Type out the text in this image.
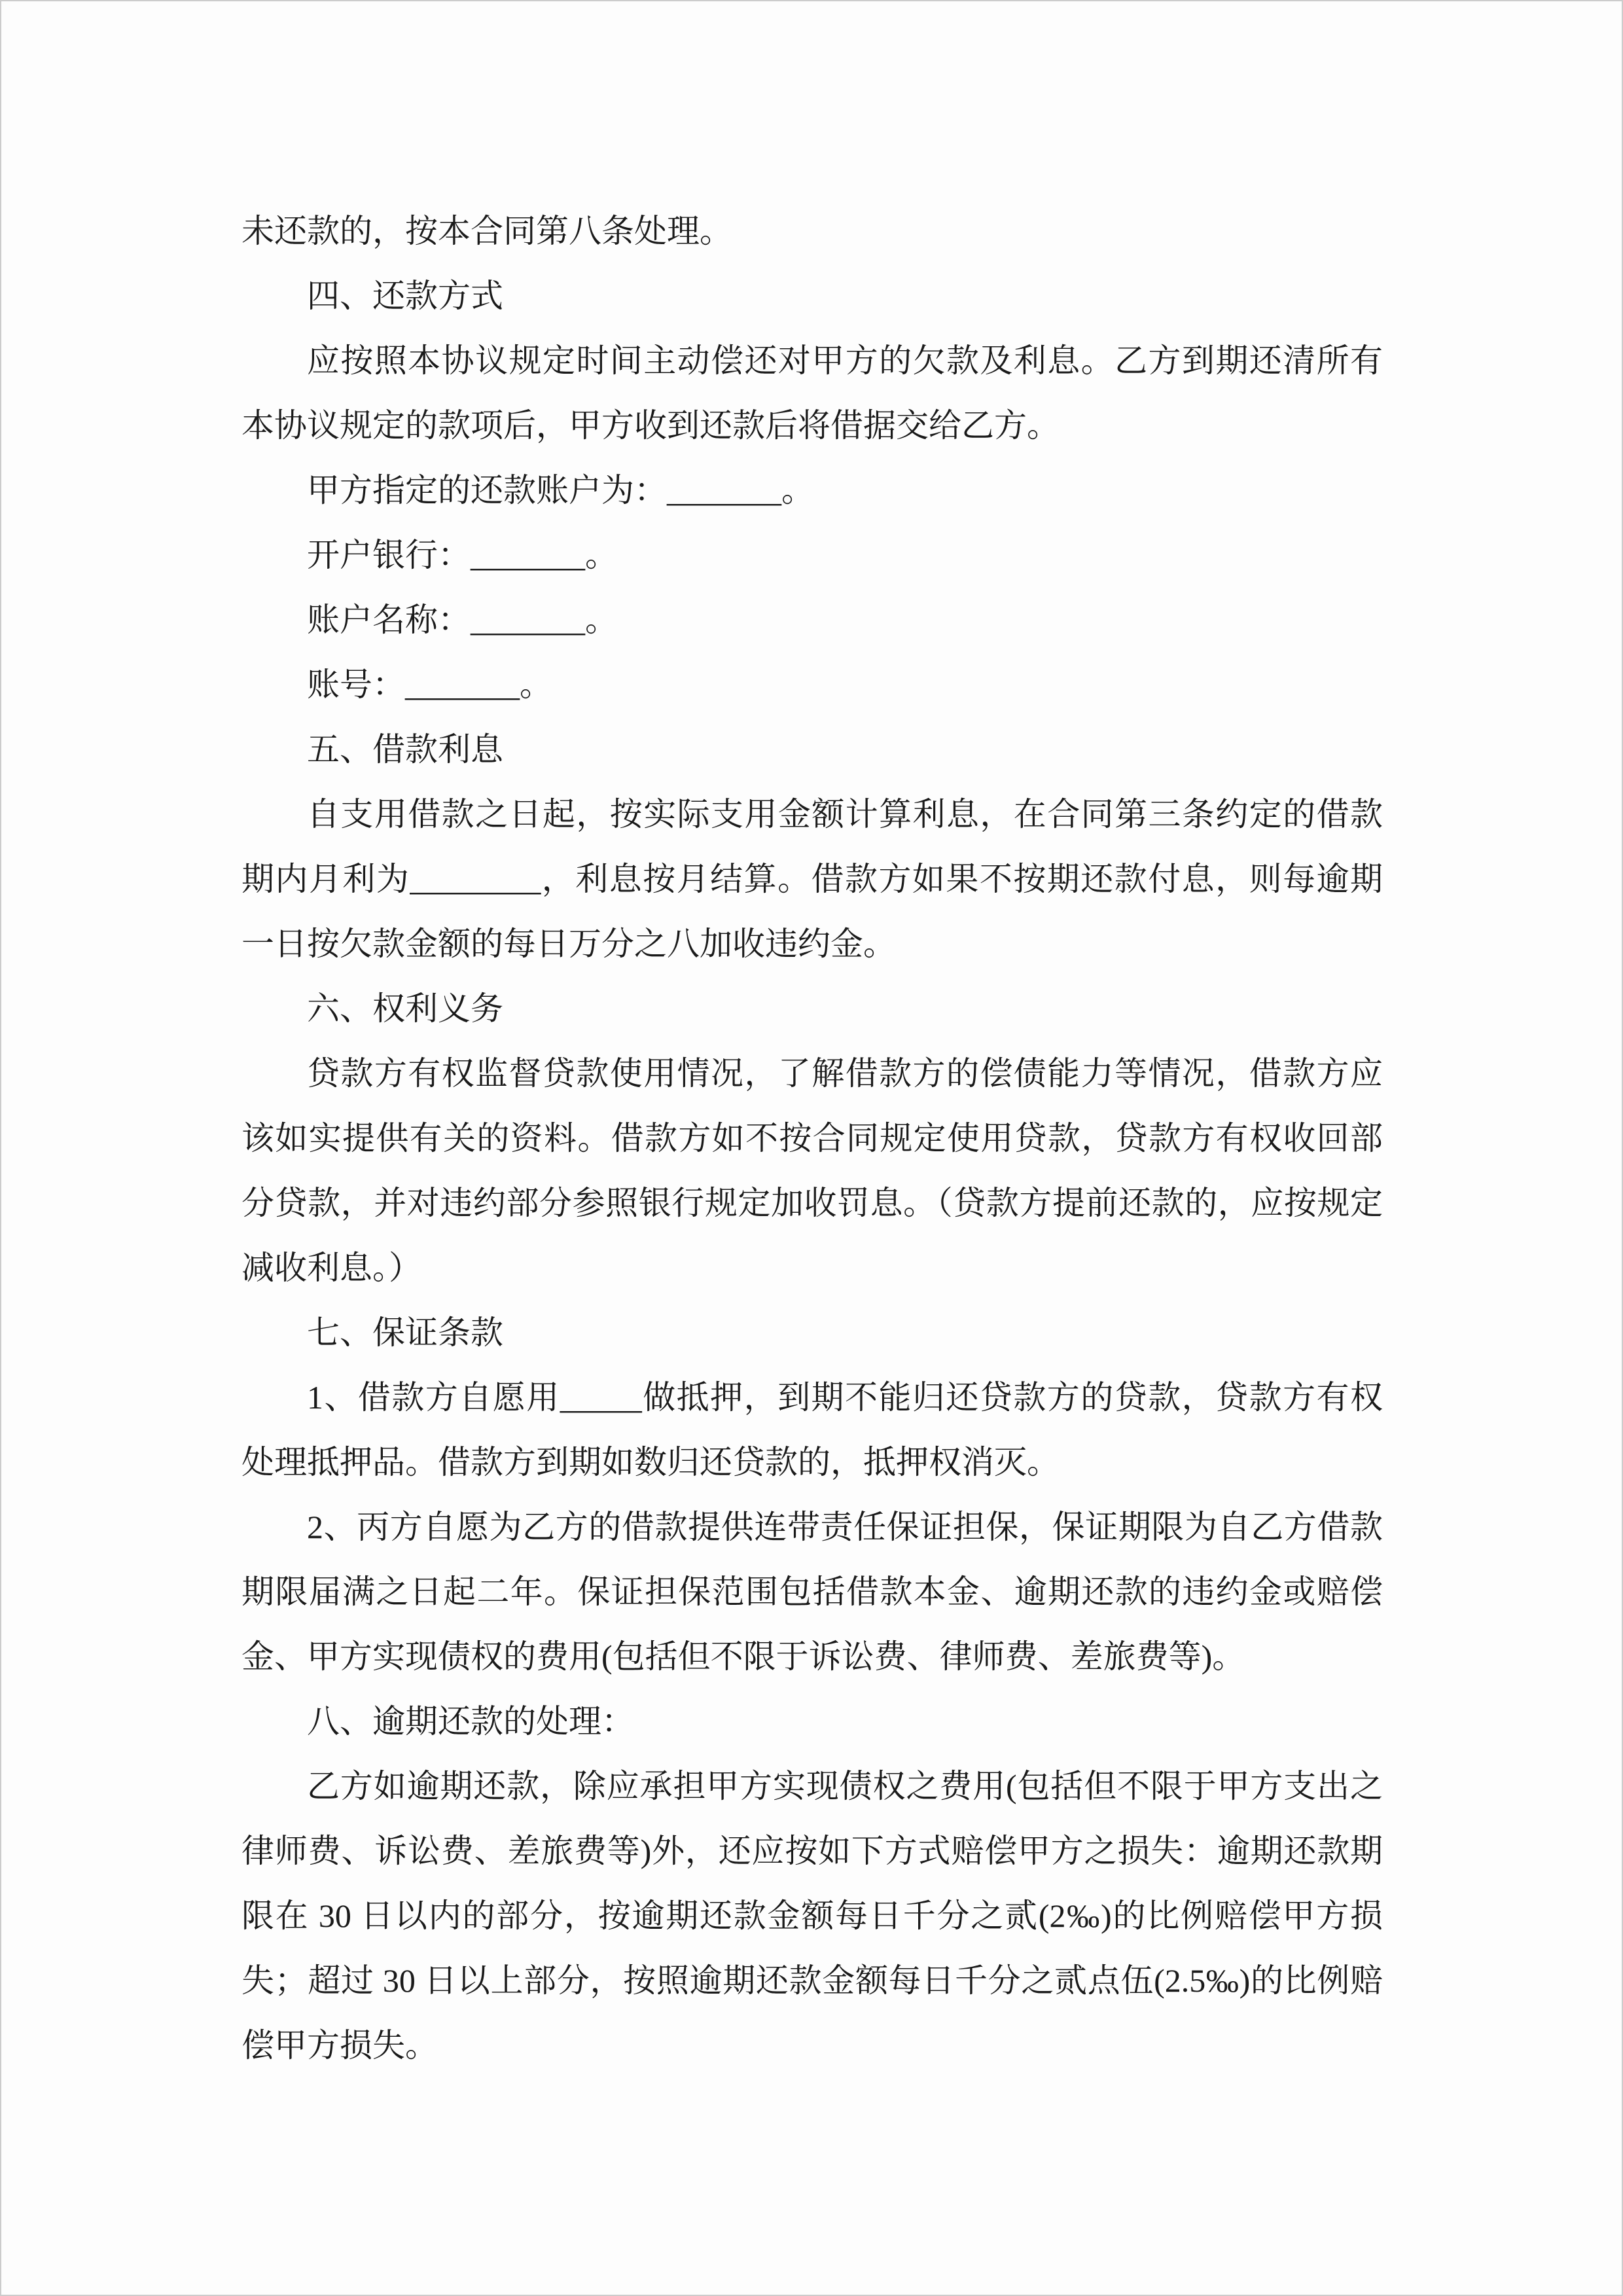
未还款的，按本合同第八条处理。

四、还款方式

应按照本协议规定时间主动偿还对甲方的欠款及利息。乙方到期还清所有本协议规定的款项后，甲方收到还款后将借据交给乙方。

甲方指定的还款账户为：_______。

开户银行：_______。

账户名称：_______。

账号：_______。

五、借款利息

自支用借款之日起，按实际支用金额计算利息，在合同第三条约定的借款期内月利为________，利息按月结算。借款方如果不按期还款付息，则每逾期一日按欠款金额的每日万分之八加收违约金。

六、权利义务

贷款方有权监督贷款使用情况，了解借款方的偿债能力等情况，借款方应该如实提供有关的资料。借款方如不按合同规定使用贷款，贷款方有权收回部分贷款，并对违约部分参照银行规定加收罚息。（贷款方提前还款的，应按规定减收利息。）

七、保证条款

1、借款方自愿用_____做抵押，到期不能归还贷款方的贷款，贷款方有权处理抵押品。借款方到期如数归还贷款的，抵押权消灭。

2、丙方自愿为乙方的借款提供连带责任保证担保，保证期限为自乙方借款期限届满之日起二年。保证担保范围包括借款本金、逾期还款的违约金或赔偿金、甲方实现债权的费用(包括但不限于诉讼费、律师费、差旅费等)。

八、逾期还款的处理：

乙方如逾期还款，除应承担甲方实现债权之费用(包括但不限于甲方支出之律师费、诉讼费、差旅费等)外，还应按如下方式赔偿甲方之损失：逾期还款期限在 30 日以内的部分，按逾期还款金额每日千分之贰(2‰)的比例赔偿甲方损失；超过 30 日以上部分，按照逾期还款金额每日千分之贰点伍(2.5‰)的比例赔偿甲方损失。
